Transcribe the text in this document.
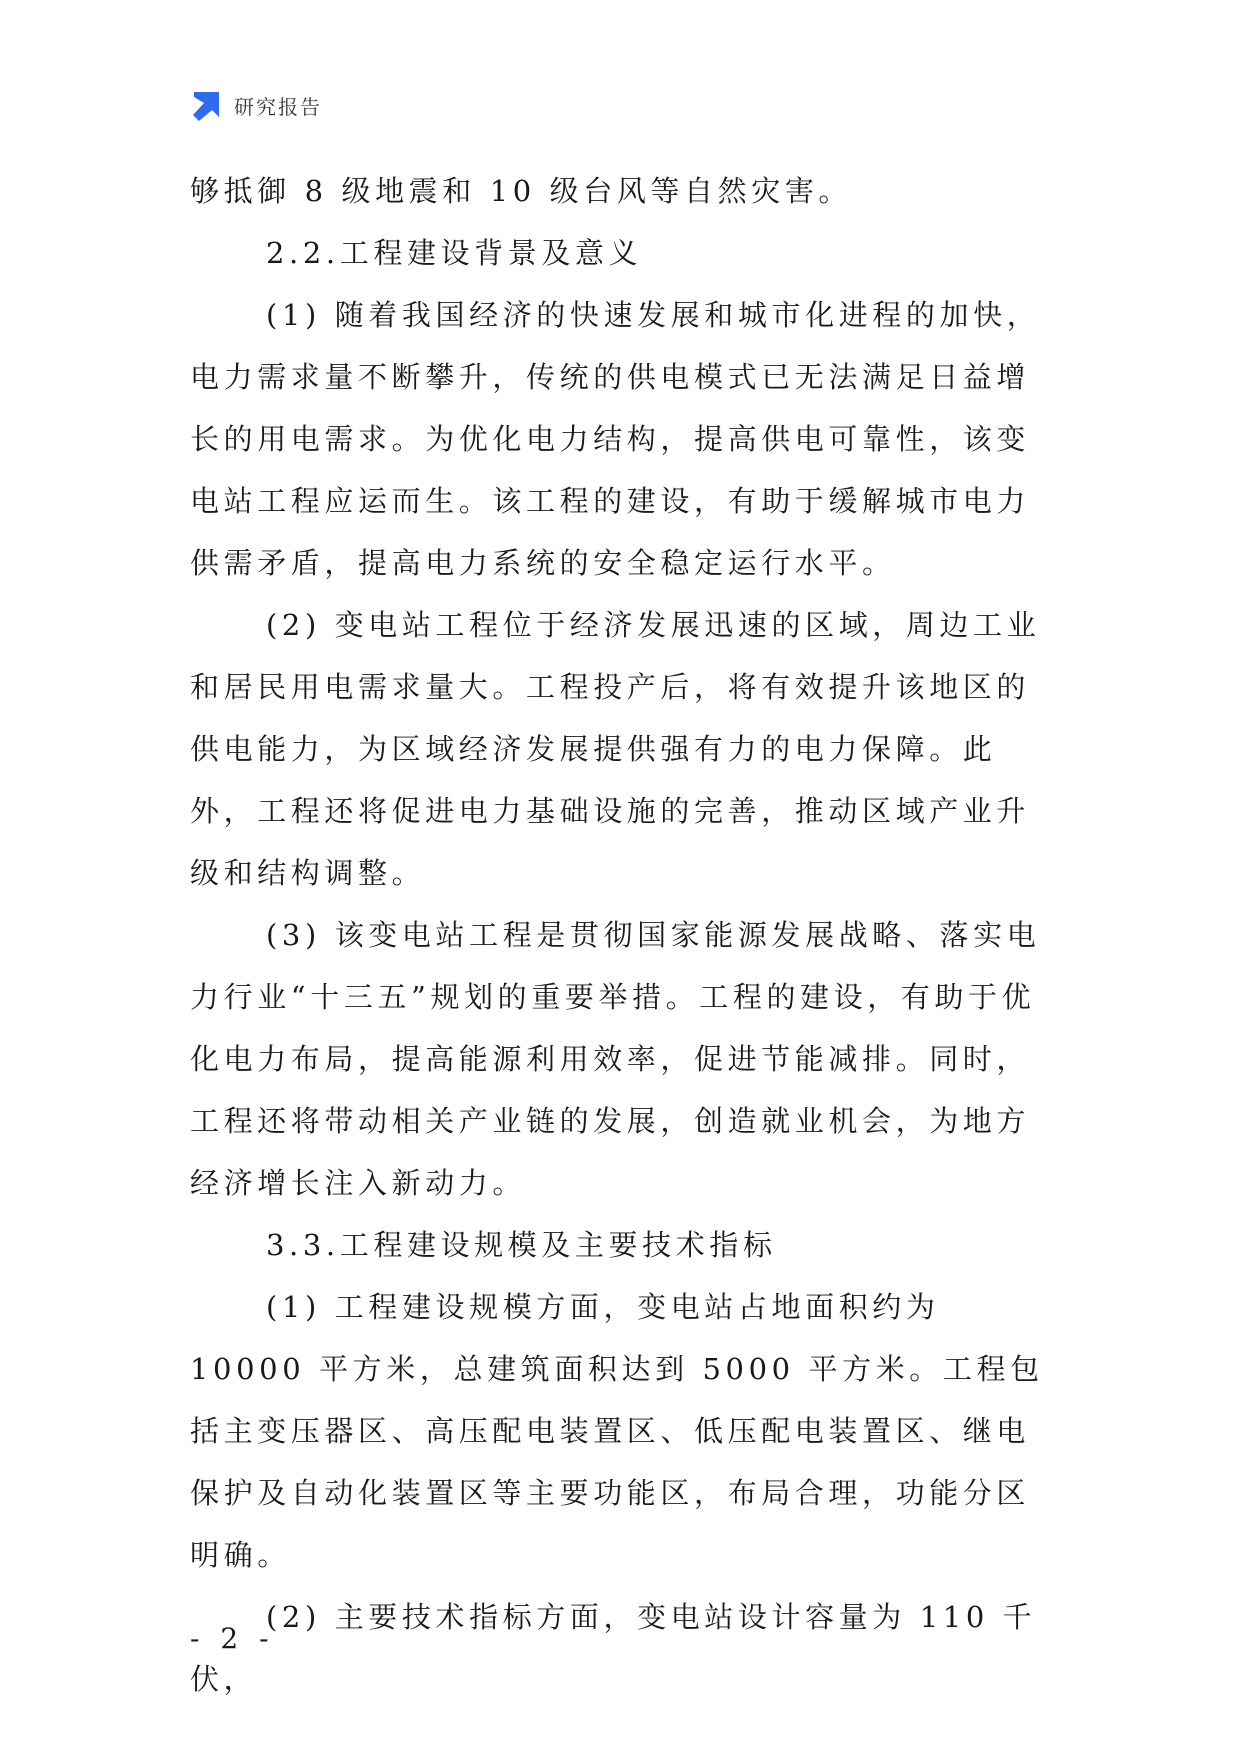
研究报告

够抵御 8 级地震和 10 级台风等自然灾害。

2.2.工程建设背景及意义

(1) 随着我国经济的快速发展和城市化进程的加快，电力需求量不断攀升，传统的供电模式已无法满足日益增长的用电需求。为优化电力结构，提高供电可靠性，该变电站工程应运而生。该工程的建设，有助于缓解城市电力供需矛盾，提高电力系统的安全稳定运行水平。

(2) 变电站工程位于经济发展迅速的区域，周边工业和居民用电需求量大。工程投产后，将有效提升该地区的供电能力，为区域经济发展提供强有力的电力保障。此外，工程还将促进电力基础设施的完善，推动区域产业升级和结构调整。

(3) 该变电站工程是贯彻国家能源发展战略、落实电力行业“十三五”规划的重要举措。工程的建设，有助于优化电力布局，提高能源利用效率，促进节能减排。同时，工程还将带动相关产业链的发展，创造就业机会，为地方经济增长注入新动力。

3.3.工程建设规模及主要技术指标

(1) 工程建设规模方面，变电站占地面积约为 10000 平方米，总建筑面积达到 5000 平方米。工程包括主变压器区、高压配电装置区、低压配电装置区、继电保护及自动化装置区等主要功能区，布局合理，功能分区明确。

(2) 主要技术指标方面，变电站设计容量为 110 千伏，

- 2 -
